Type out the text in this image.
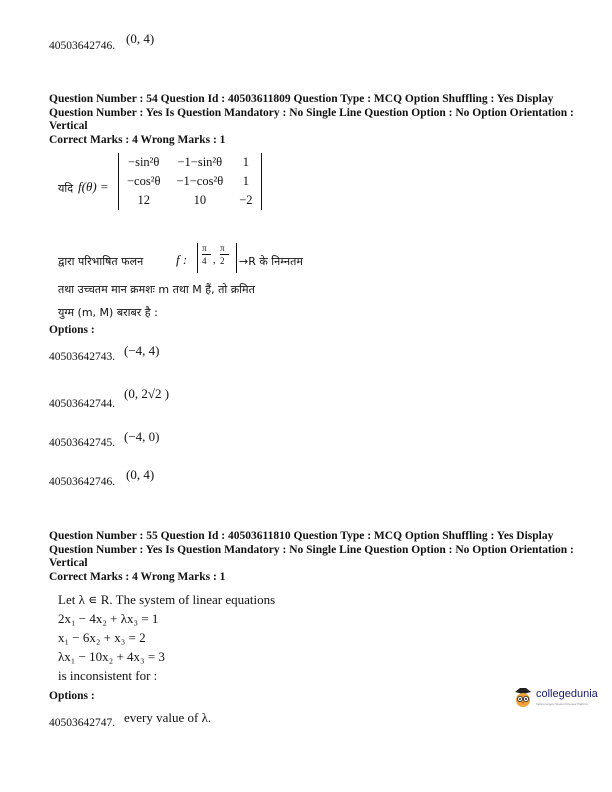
40503642746. (0, 4)
Question Number : 54 Question Id : 40503611809 Question Type : MCQ Option Shuffling : Yes Display Question Number : Yes Is Question Mandatory : No Single Line Question Option : No Option Orientation : Vertical
Correct Marks : 4 Wrong Marks : 1
यदि f(θ) =
−sin²θ	−1−sin²θ	1
−cos²θ	−1−cos²θ	1
12	10	−2
द्वारा परिभाषित फलन	f :
π
4 ,
π
2 →R के निम्नतम
तथा उच्चतम मान क्रमशः m तथा M हैं, तो क्रमित
युग्म (m, M) बराबर है :
Options :
40503642743. (−4, 4)
40503642744.
(0, 2√2 )
40503642745. (−4, 0)
40503642746. (0, 4)
Question Number : 55 Question Id : 40503611810 Question Type : MCQ Option Shuffling : Yes Display Question Number : Yes Is Question Mandatory : No Single Line Question Option : No Option Orientation : Vertical
Correct Marks : 4 Wrong Marks : 1
Let λ ∊ R. The system of linear equations
2x₁ − 4x₂ + λx₃ = 1
x₁ − 6x₂ + x₃ = 2
λx₁ − 10x₂ + 4x₃ = 3
is inconsistent for :
Options :
40503642747. every value of λ.
collegedunia
India's largest Student Review Platform
